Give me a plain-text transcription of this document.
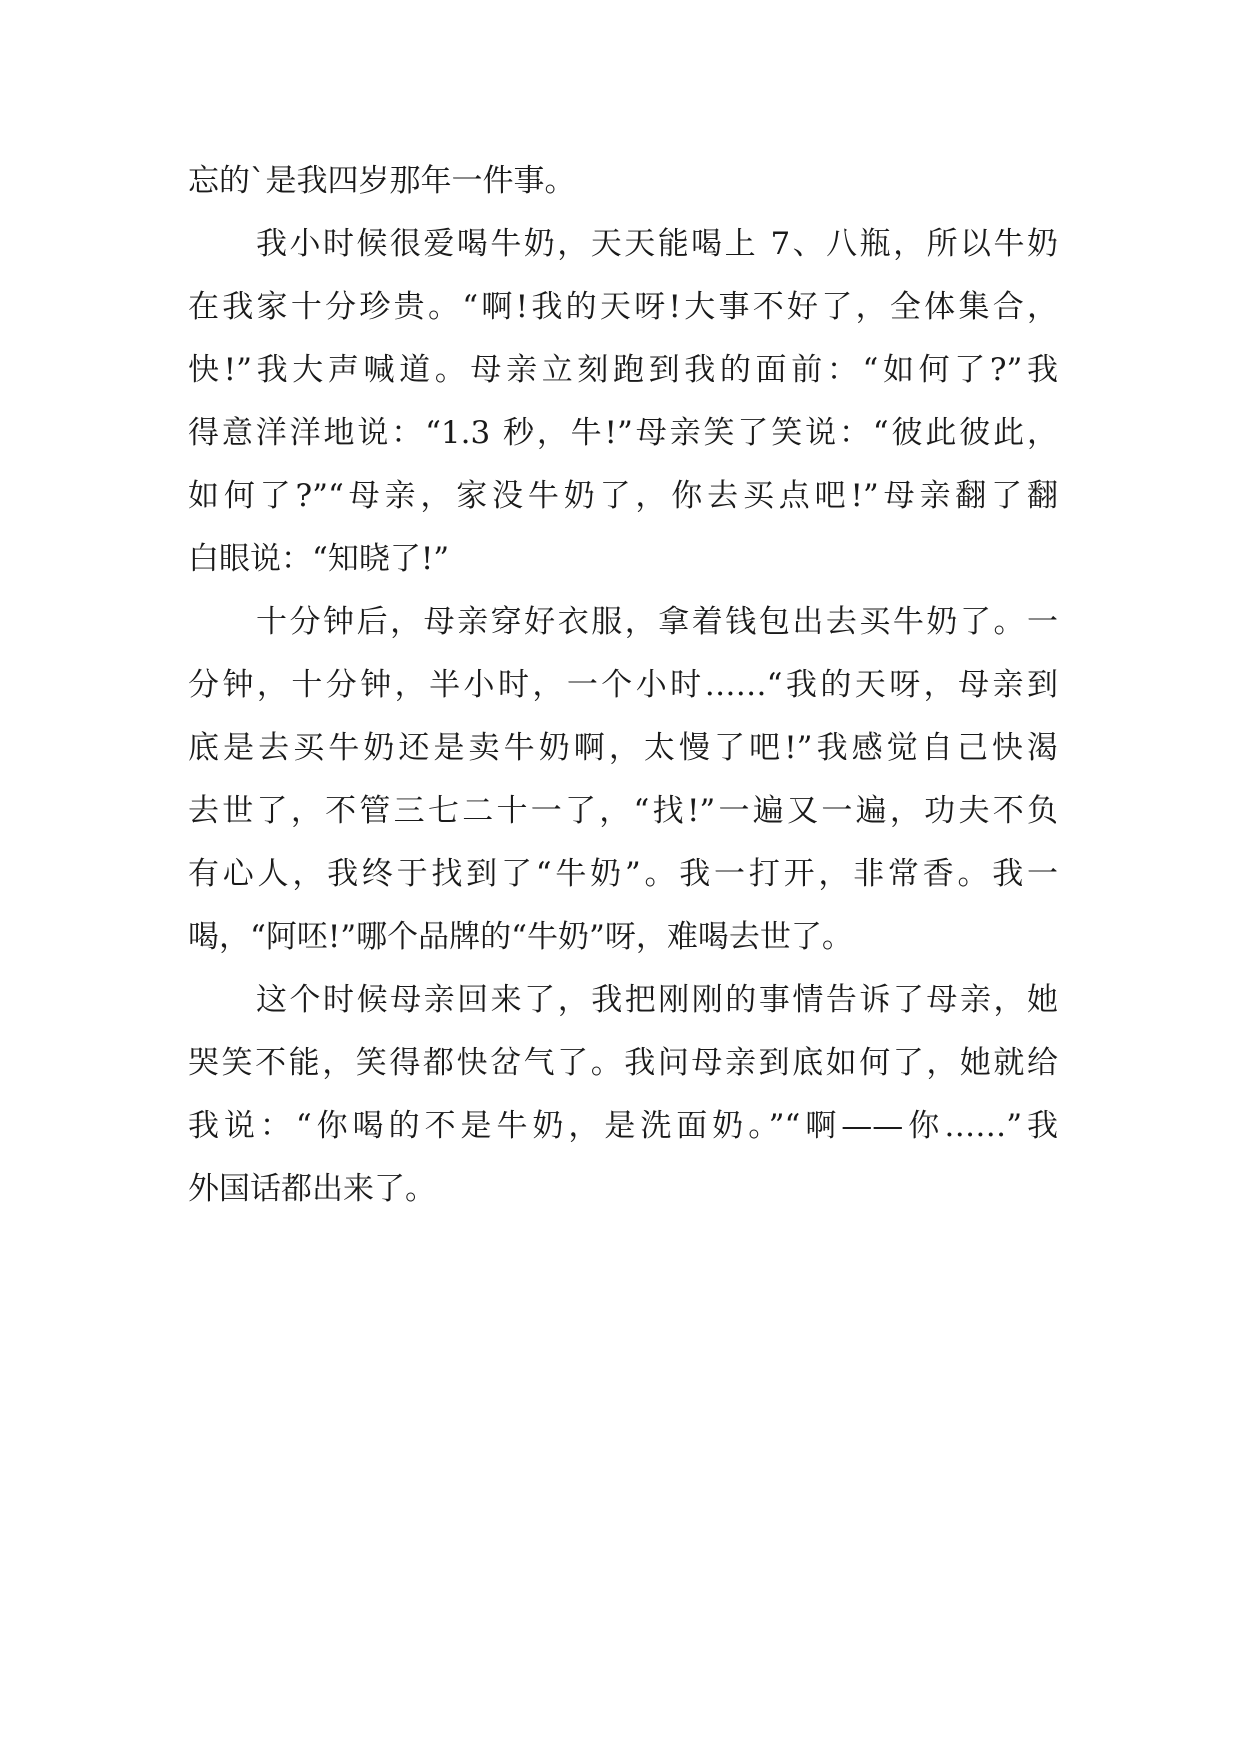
忘的`是我四岁那年一件事。
我小时候很爱喝牛奶，天天能喝上 7、八瓶，所以牛奶
在我家十分珍贵。“啊!我的天呀!大事不好了，全体集合，
快!”我大声喊道。母亲立刻跑到我的面前：“如何了?”我
得意洋洋地说：“1.3 秒，牛!”母亲笑了笑说：“彼此彼此，
如何了?”“母亲，家没牛奶了，你去买点吧!”母亲翻了翻
白眼说：“知晓了!”
十分钟后，母亲穿好衣服，拿着钱包出去买牛奶了。一
分钟，十分钟，半小时，一个小时……“我的天呀，母亲到
底是去买牛奶还是卖牛奶啊，太慢了吧!”我感觉自己快渴
去世了，不管三七二十一了，“找!”一遍又一遍，功夫不负
有心人，我终于找到了“牛奶”。我一打开，非常香。我一
喝，“阿呸!”哪个品牌的“牛奶”呀，难喝去世了。
这个时候母亲回来了，我把刚刚的事情告诉了母亲，她
哭笑不能，笑得都快岔气了。我问母亲到底如何了，她就给
我说：“你喝的不是牛奶，是洗面奶。”“啊——你……”我
外国话都出来了。
